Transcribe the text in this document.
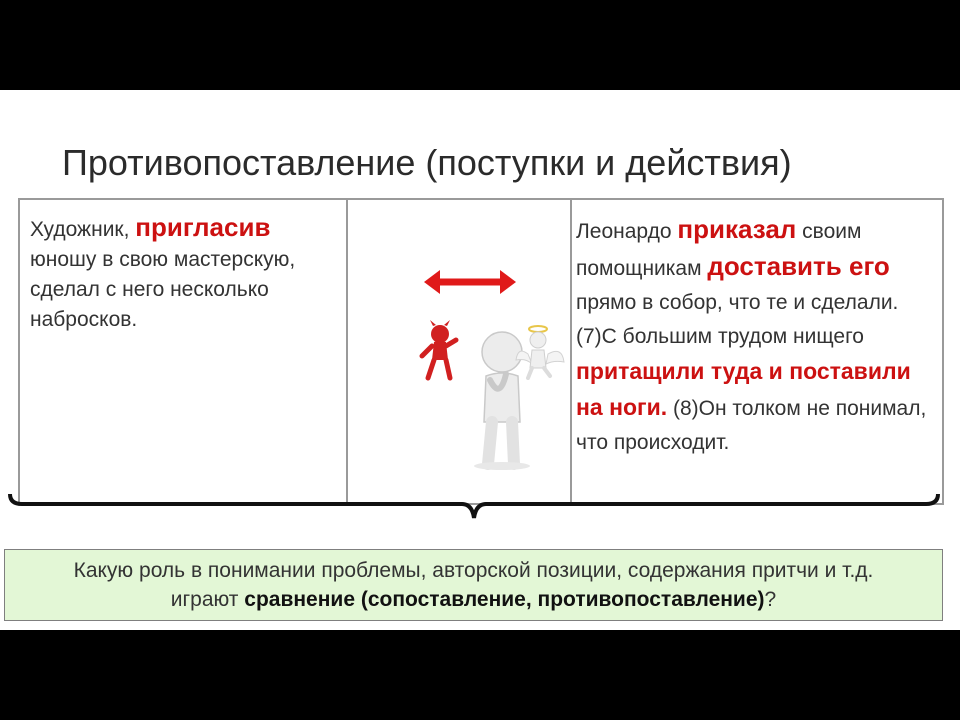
Противопоставление (поступки и действия)
Художник, пригласив юношу в свою мастерскую, сделал с него несколько набросков.
Леонардо приказал своим помощникам доставить его прямо в собор, что те и сделали.
(7)С большим трудом нищего притащили туда и поставили на ноги. (8)Он толком не понимал, что происходит.
Какую роль в понимании проблемы, авторской позиции, содержания притчи и т.д.
играют сравнение (сопоставление, противопоставление)?
